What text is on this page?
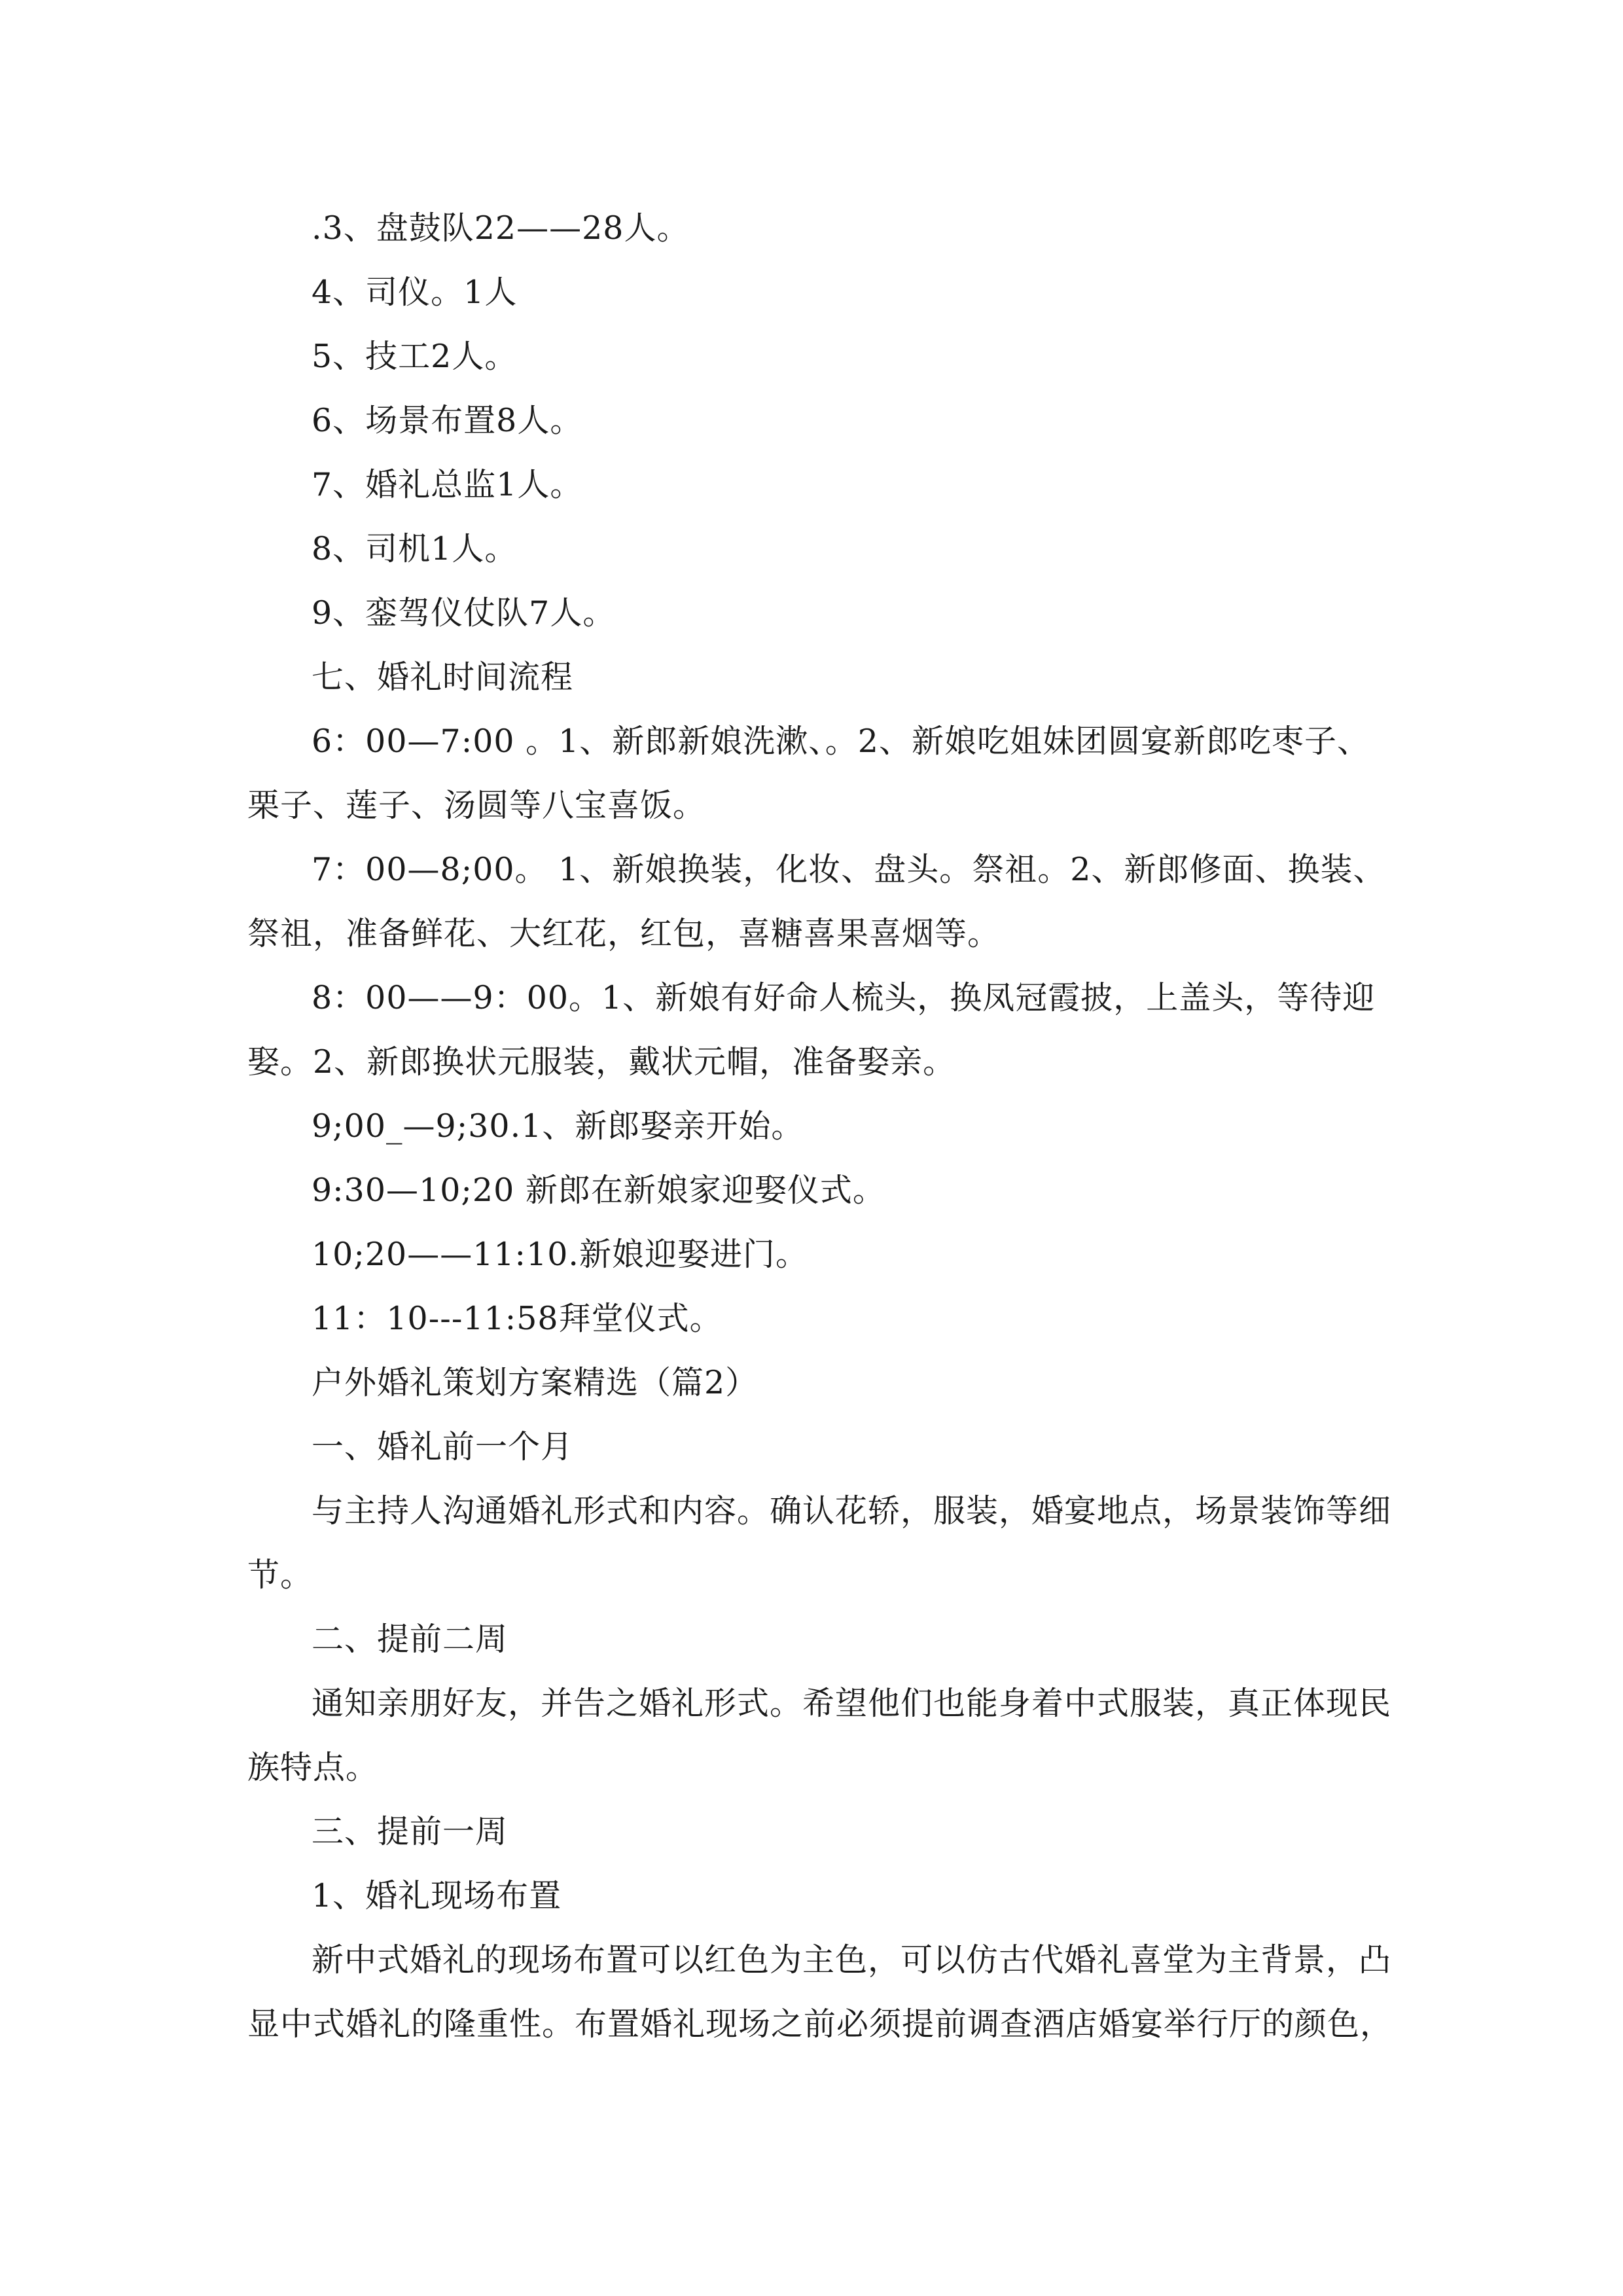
.3、盘鼓队22——28人。

4、司仪。1人

5、技工2人。

6、场景布置8人。

7、婚礼总监1人。

8、司机1人。

9、銮驾仪仗队7人。

七、婚礼时间流程

6：00—7:00 。1、新郎新娘洗漱、。2、新娘吃姐妹团圆宴新郎吃枣子、栗子、莲子、汤圆等八宝喜饭。

7：00—8;00。 1、新娘换装，化妆、盘头。祭祖。2、新郎修面、换装、祭祖，准备鲜花、大红花，红包，喜糖喜果喜烟等。

8：00——9：00。1、新娘有好命人梳头，换凤冠霞披，上盖头，等待迎娶。2、新郎换状元服装，戴状元帽，准备娶亲。

9;00_—9;30.1、新郎娶亲开始。

9:30—10;20 新郎在新娘家迎娶仪式。

10;20——11:10.新娘迎娶进门。

11：10---11:58拜堂仪式。

户外婚礼策划方案精选（篇2）

一、婚礼前一个月

与主持人沟通婚礼形式和内容。确认花轿，服装，婚宴地点，场景装饰等细节。

二、提前二周

通知亲朋好友，并告之婚礼形式。希望他们也能身着中式服装，真正体现民族特点。

三、提前一周

1、婚礼现场布置

新中式婚礼的现场布置可以红色为主色，可以仿古代婚礼喜堂为主背景，凸显中式婚礼的隆重性。布置婚礼现场之前必须提前调查酒店婚宴举行厅的颜色，
